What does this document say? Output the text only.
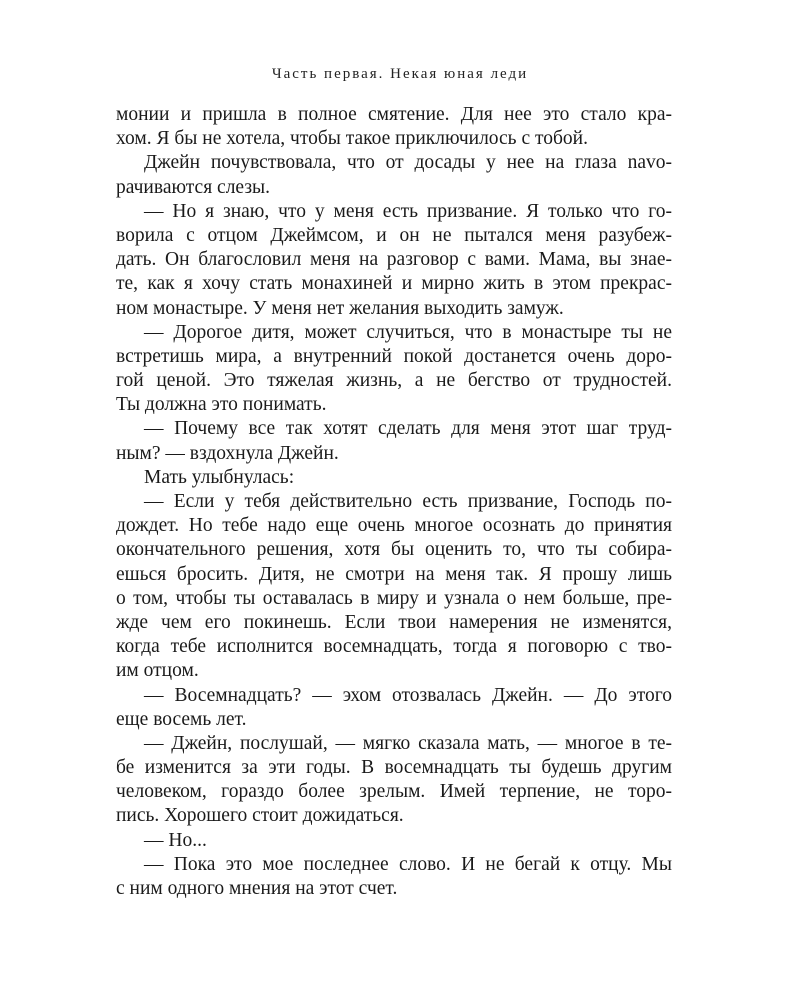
Часть первая. Некая юная леди
монии и пришла в полное смятение. Для нее это стало кра-
хом. Я бы не хотела, чтобы такое приключилось с тобой.
Джейн почувствовала, что от досады у нее на глаза navo-
рачиваются слезы.
— Но я знаю, что у меня есть призвание. Я только что го-
ворила с отцом Джеймсом, и он не пытался меня разубеж-
дать. Он благословил меня на разговор с вами. Мама, вы знае-
те, как я хочу стать монахиней и мирно жить в этом прекрас-
ном монастыре. У меня нет желания выходить замуж.
— Дорогое дитя, может случиться, что в монастыре ты не
встретишь мира, а внутренний покой достанется очень доро-
гой ценой. Это тяжелая жизнь, а не бегство от трудностей.
Ты должна это понимать.
— Почему все так хотят сделать для меня этот шаг труд-
ным? — вздохнула Джейн.
Мать улыбнулась:
— Если у тебя действительно есть призвание, Господь по-
дождет. Но тебе надо еще очень многое осознать до принятия
окончательного решения, хотя бы оценить то, что ты собира-
ешься бросить. Дитя, не смотри на меня так. Я прошу лишь
о том, чтобы ты оставалась в миру и узнала о нем больше, пре-
жде чем его покинешь. Если твои намерения не изменятся,
когда тебе исполнится восемнадцать, тогда я поговорю с тво-
им отцом.
— Восемнадцать? — эхом отозвалась Джейн. — До этого
еще восемь лет.
— Джейн, послушай, — мягко сказала мать, — многое в те-
бе изменится за эти годы. В восемнадцать ты будешь другим
человеком, гораздо более зрелым. Имей терпение, не торо-
пись. Хорошего стоит дожидаться.
— Но...
— Пока это мое последнее слово. И не бегай к отцу. Мы
с ним одного мнения на этот счет.
